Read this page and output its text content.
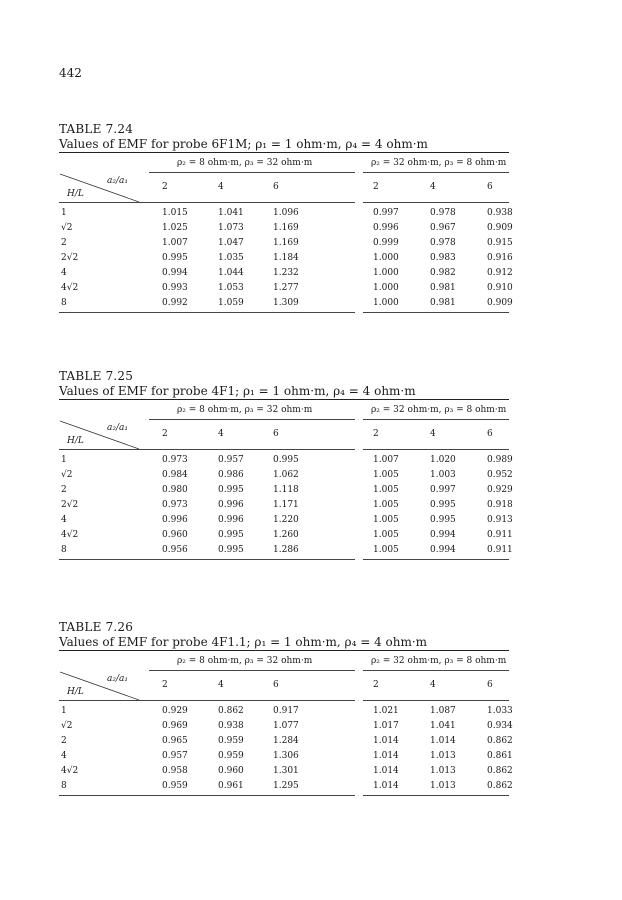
442
TABLE 7.24
Values of EMF for probe 6F1M; ρ₁ = 1 ohm·m, ρ₄ = 4 ohm·m
ρ₂ = 8 ohm·m, ρ₃ = 32 ohm·m	ρ₂ = 32 ohm·m, ρ₃ = 8 ohm·m
a₂/a₁
H/L
2	4	6	2	4	6
1	1.015	1.041	1.096	0.997	0.978	0.938
√2	1.025	1.073	1.169	0.996	0.967	0.909
2	1.007	1.047	1.169	0.999	0.978	0.915
2√2	0.995	1.035	1.184	1.000	0.983	0.916
4	0.994	1.044	1.232	1.000	0.982	0.912
4√2	0.993	1.053	1.277	1.000	0.981	0.910
8	0.992	1.059	1.309	1.000	0.981	0.909
TABLE 7.25
Values of EMF for probe 4F1; ρ₁ = 1 ohm·m, ρ₄ = 4 ohm·m
ρ₂ = 8 ohm·m, ρ₃ = 32 ohm·m	ρ₂ = 32 ohm·m, ρ₃ = 8 ohm·m
a₂/a₁
H/L
2	4	6	2	4	6
1	0.973	0.957	0.995	1.007	1.020	0.989
√2	0.984	0.986	1.062	1.005	1.003	0.952
2	0.980	0.995	1.118	1.005	0.997	0.929
2√2	0.973	0.996	1.171	1.005	0.995	0.918
4	0.996	0.996	1.220	1.005	0.995	0.913
4√2	0.960	0.995	1.260	1.005	0.994	0.911
8	0.956	0.995	1.286	1.005	0.994	0.911
TABLE 7.26
Values of EMF for probe 4F1.1; ρ₁ = 1 ohm·m, ρ₄ = 4 ohm·m
ρ₂ = 8 ohm·m, ρ₃ = 32 ohm·m	ρ₂ = 32 ohm·m, ρ₃ = 8 ohm·m
a₂/a₁
H/L
2	4	6	2	4	6
1	0.929	0.862	0.917	1.021	1.087	1.033
√2	0.969	0.938	1.077	1.017	1.041	0.934
2	0.965	0.959	1.284	1.014	1.014	0.862
4	0.957	0.959	1.306	1.014	1.013	0.861
4√2	0.958	0.960	1.301	1.014	1.013	0.862
8	0.959	0.961	1.295	1.014	1.013	0.862
